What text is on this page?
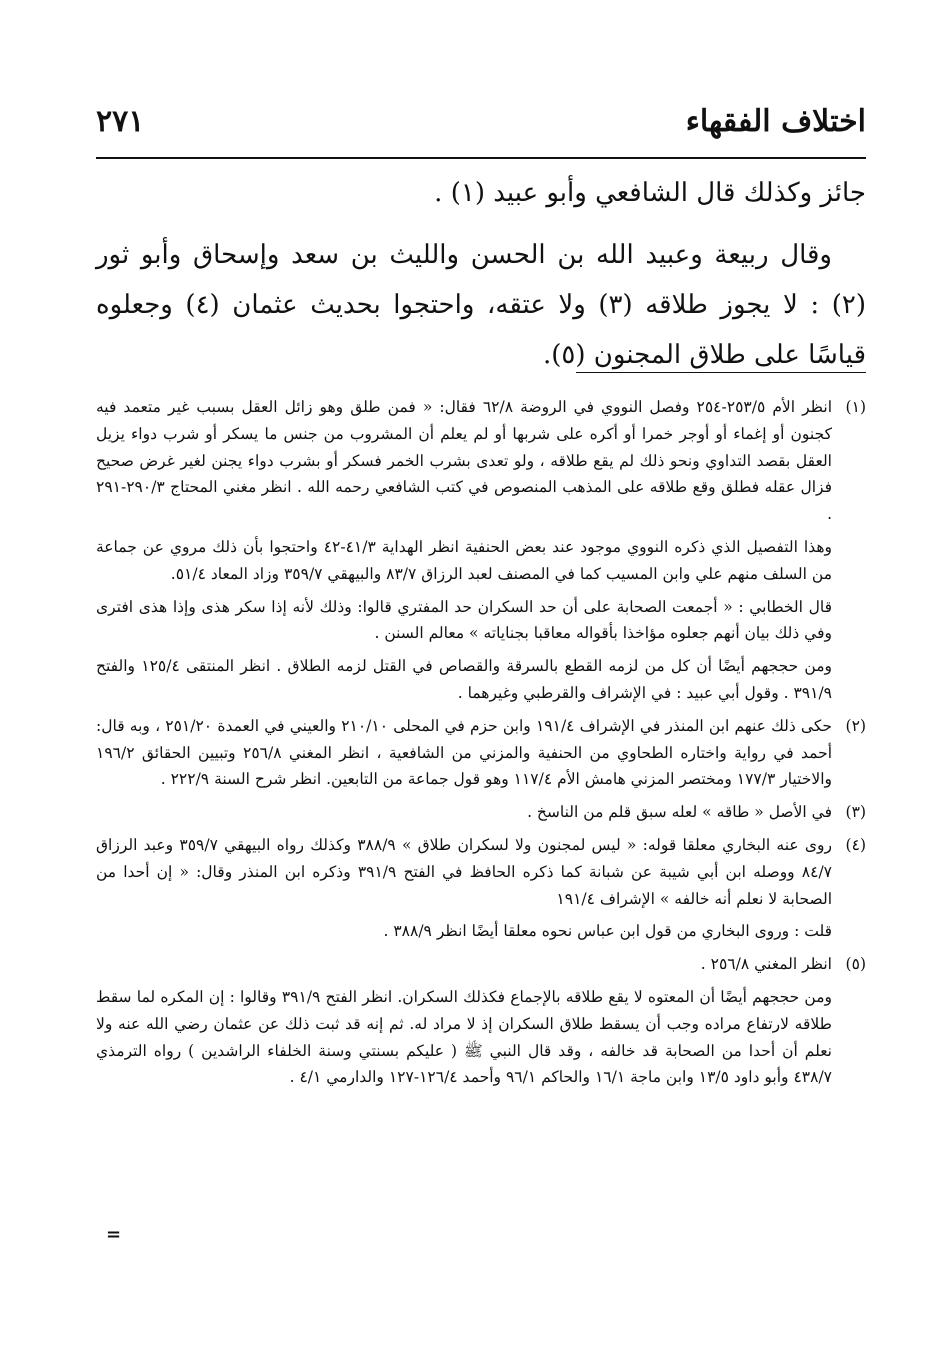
اختلاف الفقهاء
٢٧١

جائز وكذلك قال الشافعي وأبو عبيد (١) .

وقال ربيعة وعبيد الله بن الحسن والليث بن سعد وإسحاق وأبو ثور (٢) : لا يجوز طلاقه (٣) ولا عتقه، واحتجوا بحديث عثمان (٤) وجعلوه قياسًا على طلاق المجنون (٥).

(١)

انظر الأم ٢٥٣/٥-٢٥٤ وفصل النووي في الروضة ٦٢/٨ فقال: « فمن طلق وهو زائل العقل بسبب غير متعمد فيه كجنون أو إغماء أو أوجر خمرا أو أكره على شربها أو لم يعلم أن المشروب من جنس ما يسكر أو شرب دواء يزيل العقل بقصد التداوي ونحو ذلك لم يقع طلاقه ، ولو تعدى بشرب الخمر فسكر أو بشرب دواء يجنن لغير غرض صحيح فزال عقله فطلق وقع طلاقه على المذهب المنصوص في كتب الشافعي رحمه الله . انظر مغني المحتاج ٢٩٠/٣-٢٩١ .

وهذا التفصيل الذي ذكره النووي موجود عند بعض الحنفية انظر الهداية ٤١/٣-٤٢ واحتجوا بأن ذلك مروي عن جماعة من السلف منهم علي وابن المسيب كما في المصنف لعبد الرزاق ٨٣/٧ والبيهقي ٣٥٩/٧ وزاد المعاد ٥١/٤.

قال الخطابي : « أجمعت الصحابة على أن حد السكران حد المفتري قالوا: وذلك لأنه إذا سكر هذى وإذا هذى افترى وفي ذلك بيان أنهم جعلوه مؤاخذا بأقواله معاقبا بجناياته » معالم السنن .

ومن حججهم أيضًا أن كل من لزمه القطع بالسرقة والقصاص في القتل لزمه الطلاق . انظر المنتقى ١٢٥/٤ والفتح ٣٩١/٩ . وقول أبي عبيد : في الإشراف والقرطبي وغيرهما .

(٢)

حكى ذلك عنهم ابن المنذر في الإشراف ١٩١/٤ وابن حزم في المحلى ٢١٠/١٠ والعيني في العمدة ٢٥١/٢٠ ، وبه قال: أحمد في رواية واختاره الطحاوي من الحنفية والمزني من الشافعية ، انظر المغني ٢٥٦/٨ وتبيين الحقائق ١٩٦/٢ والاختيار ١٧٧/٣ ومختصر المزني هامش الأم ١١٧/٤ وهو قول جماعة من التابعين. انظر شرح السنة ٢٢٢/٩ .

(٣)

في الأصل « طاقه » لعله سبق قلم من الناسخ .

(٤)

روى عنه البخاري معلقا قوله: « ليس لمجنون ولا لسكران طلاق » ٣٨٨/٩ وكذلك رواه البيهقي ٣٥٩/٧ وعبد الرزاق ٨٤/٧ ووصله ابن أبي شيبة عن شبانة كما ذكره الحافظ في الفتح ٣٩١/٩ وذكره ابن المنذر وقال: « إن أحدا من الصحابة لا نعلم أنه خالفه » الإشراف ١٩١/٤

قلت : وروى البخاري من قول ابن عباس نحوه معلقا أيضًا انظر ٣٨٨/٩ .

(٥)

انظر المغني ٢٥٦/٨ .

ومن حججهم أيضًا أن المعتوه لا يقع طلاقه بالإجماع فكذلك السكران. انظر الفتح ٣٩١/٩ وقالوا : إن المكره لما سقط طلاقه لارتفاع مراده وجب أن يسقط طلاق السكران إذ لا مراد له. ثم إنه قد ثبت ذلك عن عثمان رضي الله عنه ولا نعلم أن أحدا من الصحابة قد خالفه ، وقد قال النبي ﷺ ( عليكم بسنتي وسنة الخلفاء الراشدين ) رواه الترمذي ٤٣٨/٧ وأبو داود ١٣/٥ وابن ماجة ١٦/١ والحاكم ٩٦/١ وأحمد ١٢٦/٤-١٢٧ والدارمي ٤/١ .

=
